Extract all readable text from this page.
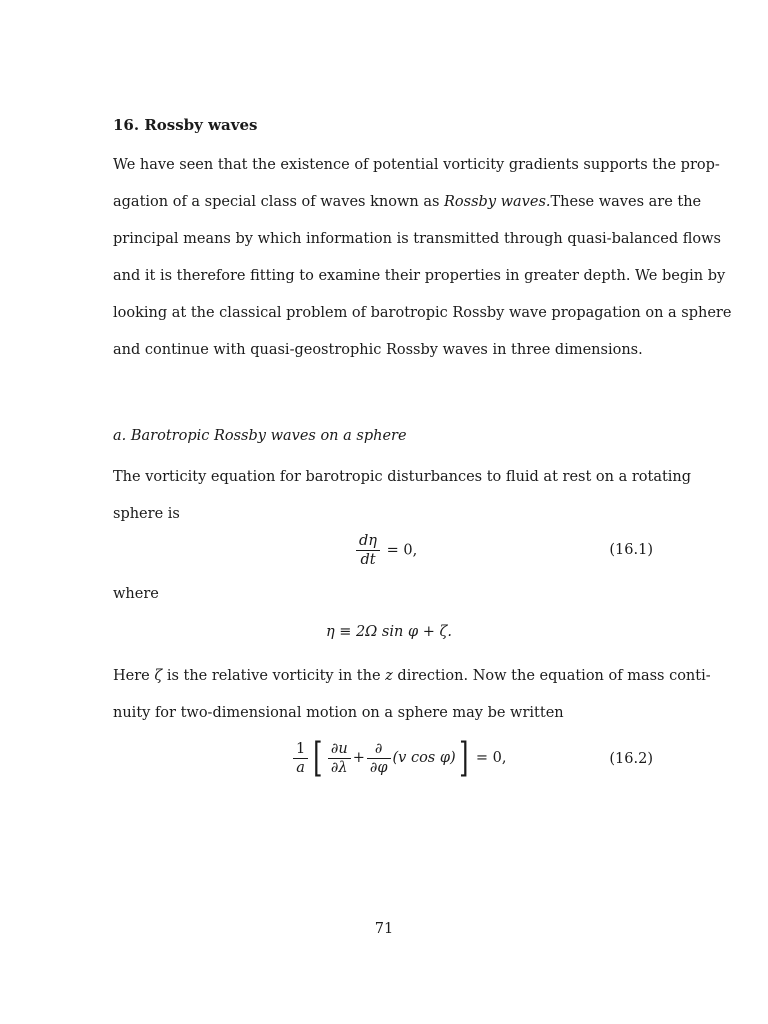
16. Rossby waves
We have seen that the existence of potential vorticity gradients supports the prop-
agation of a special class of waves known as Rossby waves. These waves are the
principal means by which information is transmitted through quasi-balanced flows
and it is therefore fitting to examine their properties in greater depth. We begin by
looking at the classical problem of barotropic Rossby wave propagation on a sphere
and continue with quasi-geostrophic Rossby waves in three dimensions.
a. Barotropic Rossby waves on a sphere
The vorticity equation for barotropic disturbances to fluid at rest on a rotating
sphere is
$\frac{d\eta}{dt} = 0$,	(16.1)
where
η ≡ 2Ω sin φ + ζ.
Here ζ is the relative vorticity in the z direction. Now the equation of mass conti-
nuity for two-dimensional motion on a sphere may be written
$\frac{1}{a}$ [ $\frac{\partial u}{\partial\lambda} + \frac{\partial}{\partial\varphi} (v$ cos φ)] = 0,	(16.2)
71
